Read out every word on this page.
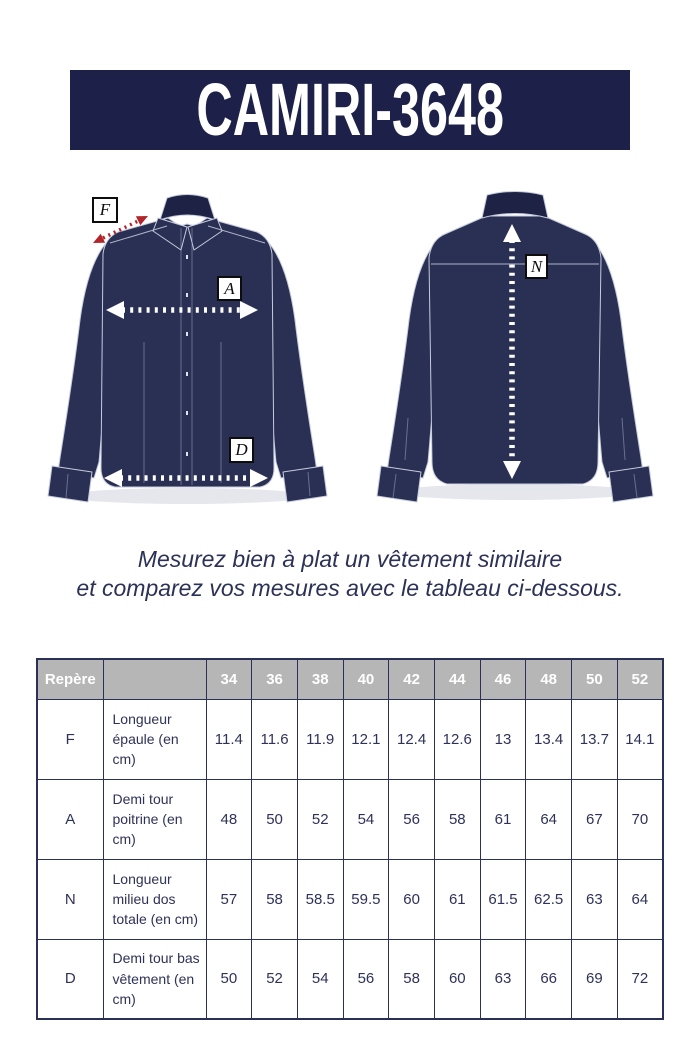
CAMIRI-3648
F
A
D
N
Mesurez bien à plat un vêtement similaire
et comparez vos mesures avec le tableau ci-dessous.
Repère		34	36	38	40	42	44	46	48	50	52
F	Longueur épaule (en cm)	11.4	11.6	11.9	12.1	12.4	12.6	13	13.4	13.7	14.1
A	Demi tour poitrine (en cm)	48	50	52	54	56	58	61	64	67	70
N	Longueur milieu dos totale (en cm)	57	58	58.5	59.5	60	61	61.5	62.5	63	64
D	Demi tour bas vêtement (en cm)	50	52	54	56	58	60	63	66	69	72
